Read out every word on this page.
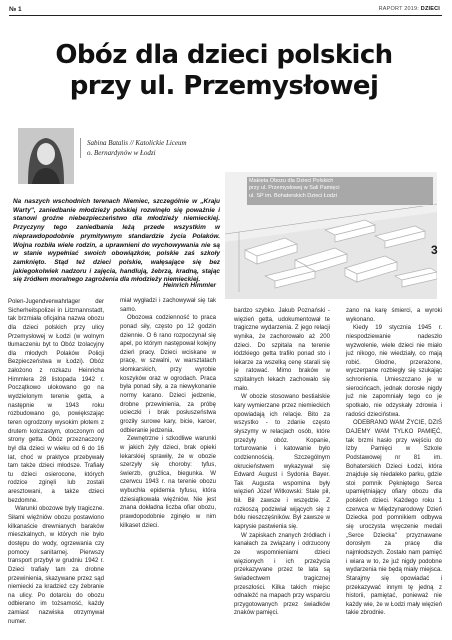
№ 1	RAPORT 2019: DZIECI
Obóz dla dzieci polskich
przy ul. Przemysłowej
Sabina Batalis // Katolickie Liceum
o. Bernardynów w Łodzi
Na naszych wschodnich terenach Niemiec, szczególnie w „Kraju Warty", zaniedbanie młodzieży polskiej rozwinęło się poważnie i stanowi groźne niebezpieczeństwo dla młodzieży niemieckiej. Przyczyny tego zaniedbania leżą przede wszystkim w nieprawdopodobnie prymitywnym standardzie życia Polaków. Wojna rozbiła wiele rodzin, a uprawnieni do wychowywania nie są w stanie wypełniać swoich obowiązków, polskie zaś szkoły zamknięto. Stąd też dzieci polskie, wałęsające się bez jakiegokolwiek nadzoru i zajęcia, handlują, żebrzą, kradną, stając się źródłem moralnego zagrożenia dla młodzieży niemieckiej.
Heinrich Himmler
Makieta Obozu dla Dzieci Polskich
przy ul. Przemysłowej w Sali Pamięci
ul. SP im. Bohaterskich Dzieci Łodzi
3

Polen-Jugendverwahrlager der Sicherheitspolizei in Litzmannstadt, tak brzmiała oficjalna nazwa obozu dla dzieci polskich przy ulicy Przemysłowej w Łodzi (w wolnym tłumaczeniu byt to Obóz Izolacyjny dla młodych Polaków Policji Bezpieczeństwa w Łodzi). Obóz założono z rozkazu Heinricha Himmlera 28 listopada 1942 r. Początkowo ulokowano go na wydzielonym terenie getta, a następnie w 1943 roku rozbudowano go, powiększając teren ogrodzony wysokim płotem z drutem kolczastym, otoczonym od strony getta. Obóz przeznaczony był dla dzieci w wieku od 6 do 16 lat, choć w praktyce przebywały tam także dzieci młodsze. Trafiały tu dzieci osierocone, których rodzice zginęli lub zostali aresztowani, a także dzieci bezdomne.

Warunki obozowe były tragiczne. Siłami więźniów obozu postawiono kilkanaście drewnianych baraków mieszkalnych, w których nie było dostępu do wody, ogrzewania czy pomocy sanitarnej. Pierwszy transport przybył w grudniu 1942 r. Dzieci trafiały tam za drobne przewinienia, skazywane przez sąd niemiecki za kradzież czy żebranie na ulicy. Po dotarciu do obozu odbierano im tożsamość, każdy zamiast nazwiska otrzymywał numer.

miał wygładzi i zachowywał się tak samo.

Obozowa codzienność to praca ponad siły, często po 12 godzin dziennie. O 6 rano rozpoczynał się apel, po którym następował kolejny dzień pracy. Dzieci wciskane w pracę, w szwalni, w warsztatach słomkarskich, przy wyrobie koszyków oraz w ogrodach. Praca była ponad siły, a za niewykonanie normy karano. Dzieci jedzenie, drobne przewinienia, za próbę ucieczki i brak posłuszeństwa groziły surowe kary, bicie, karcer, odbieranie jedzenia.

Zewnętrzne i szkodliwe warunki w jakich żyły dzieci, brak opieki lekarskiej sprawiły, że w obozie szerzyły się choroby: tyfus, świerzb, gruźlica, biegunka. W czerwcu 1943 r. na terenie obozu wybuchła epidemia tyfusu, która dziesiątkowała więźniów. Nie jest znana dokładna liczba ofiar obozu, prawdopodobnie zginęło w nim kilkaset dzieci.

bardzo szybko. Jakub Poznański - więzień getta, udokumentował te tragiczne wydarzenia. Z jego relacji wynika, że zachorowało aż 200 dzieci. Do szpitala na terenie łódzkiego getta trafiło ponad sto i lekarze za wszelką cenę starali się je ratować. Mimo braków w szpitalnych lekach zachowało się mało.

W obozie stosowano bestialskie kary wymierzane przez niemieckich opowiadają ich relacje. Bito za wszystko - to zdanie często słyszymy w relacjach osób, które przeżyły obóz. Kopanie, torturowanie i katowanie było codziennością. Szczególnym okrucieństwem wykazywał się Edward August i Sydonia Bayer. Tak Augusta wspomina były więzień Józef Witkowski: Stale pił, bił. Bił zawsze i wszędzie. Z rozkoszą podziwiał wijących się z bólu nieszczęśników. Był zawsze w kaprysie pastwienia się.

W zapiskach znanych źródłach i kanałach za związany i odrzucony ze wspomnieniami dzieci więzionych i ich przeżycia przekazywane przez te lata są świadectwem tragicznej przeszłości. Kilka takich miejsc odnaleźć na mapach przy wsparciu przygotowanych przez świadków znaków pamięci.

zano na karę śmierci, a wyroki wykonano.

Kiedy 19 stycznia 1945 r. niespodziewanie nadeszło wyzwolenie, wiele dzieci nie miało już nikogo, nie wiedziały, co mają robić. Głodne, przerażone, wyczerpane rozbiegły się szukając schronienia. Umieszczano je w sierocińcach, jednak dorosłe nigdy już nie zapomniały tego co je spotkało, nie odzyskały zdrowia i radości dzieciństwa.

ODEBRANO WAM ŻYCIE, DZIŚ DAJEMY WAM TYLKO PAMIĘĆ, tak brzmi hasło przy wejściu do Izby Pamięci w Szkole Podstawowej nr 81 im. Bohaterskich Dzieci Łodzi, która znajduje się niedaleko parku, gdzie stoi pomnik Pękniętego Serca upamiętniający ofiary obozu dla polskich dzieci. Każdego roku 1 czerwca w Międzynarodowy Dzień Dziecka pod pomnikiem odbywa się uroczysta wręczenie medali „Serce Dziecka" przyznawane dorosłym za pracę dla najmłodszych. Zostało nam pamięć i wiara w to, że już nigdy podobne wydarzenia nie będą miały miejsca. Starajmy się opowiadać i przekazywać innym tę jedną z historii, pamiętać, ponieważ nie każdy wie, że w Łodzi mały więzień takie zbrodnie.
